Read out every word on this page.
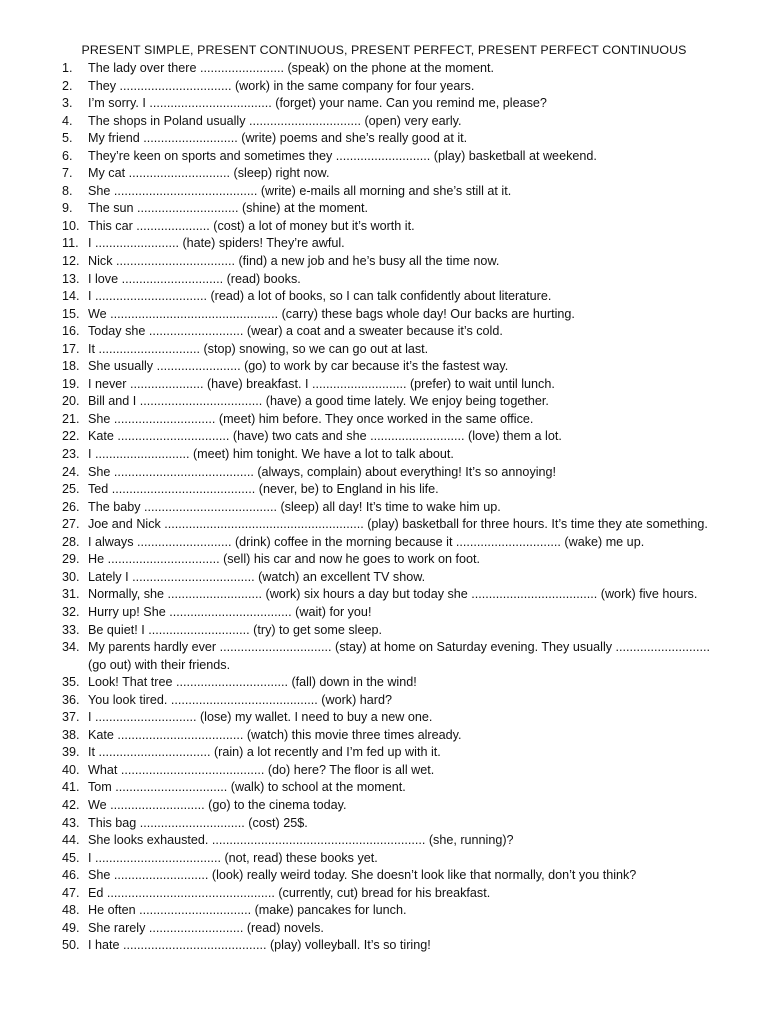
PRESENT SIMPLE, PRESENT CONTINUOUS, PRESENT PERFECT, PRESENT PERFECT CONTINUOUS
1.	The lady over there ........................ (speak) on the phone at the moment.
2.	They ................................ (work) in the same company for four years.
3.	I’m sorry. I ................................... (forget) your name. Can you remind me, please?
4.	The shops in Poland usually ................................ (open) very early.
5.	My friend ........................... (write) poems and she’s really good at it.
6.	They’re keen on sports and sometimes they ........................... (play) basketball at weekend.
7.	My cat ............................. (sleep) right now.
8.	She ......................................... (write) e-mails all morning and she’s still at it.
9.	The sun ............................. (shine) at the moment.
10. This car ..................... (cost) a lot of money but it’s worth it.
11. I ........................ (hate) spiders! They’re awful.
12. Nick .................................. (find) a new job and he’s busy all the time now.
13. I love ............................. (read) books.
14. I ................................ (read) a lot of books, so I can talk confidently about literature.
15. We ................................................ (carry) these bags whole day! Our backs are hurting.
16. Today she ........................... (wear) a coat and a sweater because it’s cold.
17. It ............................. (stop) snowing, so we can go out at last.
18. She usually ........................ (go) to work by car because it’s the fastest way.
19. I never ..................... (have) breakfast. I ........................... (prefer) to wait until lunch.
20. Bill and I ................................... (have) a good time lately. We enjoy being together.
21. She ............................. (meet) him before. They once worked in the same office.
22. Kate ................................ (have) two cats and she ........................... (love) them a lot.
23. I ........................... (meet) him tonight. We have a lot to talk about.
24. She ........................................ (always, complain) about everything! It’s so annoying!
25. Ted ......................................... (never, be) to England in his life.
26. The baby ...................................... (sleep) all day! It’s time to wake him up.
27. Joe and Nick ......................................................... (play) basketball for three hours. It’s time they ate something.
28. I always ........................... (drink) coffee in the morning because it .............................. (wake) me up.
29. He ................................ (sell) his car and now he goes to work on foot.
30. Lately I ................................... (watch) an excellent TV show.
31. Normally, she ........................... (work) six hours a day but today she .................................... (work) five hours.
32. Hurry up! She ................................... (wait) for you!
33. Be quiet! I ............................. (try) to get some sleep.
34. My parents hardly ever ................................ (stay) at home on Saturday evening. They usually ........................... (go out) with their friends.
35. Look! That tree ................................ (fall) down in the wind!
36. You look tired. .......................................... (work) hard?
37. I ............................. (lose) my wallet. I need to buy a new one.
38. Kate .................................... (watch) this movie three times already.
39. It ................................ (rain) a lot recently and I’m fed up with it.
40. What ......................................... (do) here? The floor is all wet.
41. Tom ................................ (walk) to school at the moment.
42. We ........................... (go) to the cinema today.
43. This bag .............................. (cost) 25$.
44. She looks exhausted. ............................................................. (she, running)?
45. I .................................... (not, read) these books yet.
46. She ........................... (look) really weird today. She doesn’t look like that normally, don’t you think?
47. Ed ................................................ (currently, cut) bread for his breakfast.
48. He often ................................ (make) pancakes for lunch.
49. She rarely ........................... (read) novels.
50. I hate ......................................... (play) volleyball. It’s so tiring!
